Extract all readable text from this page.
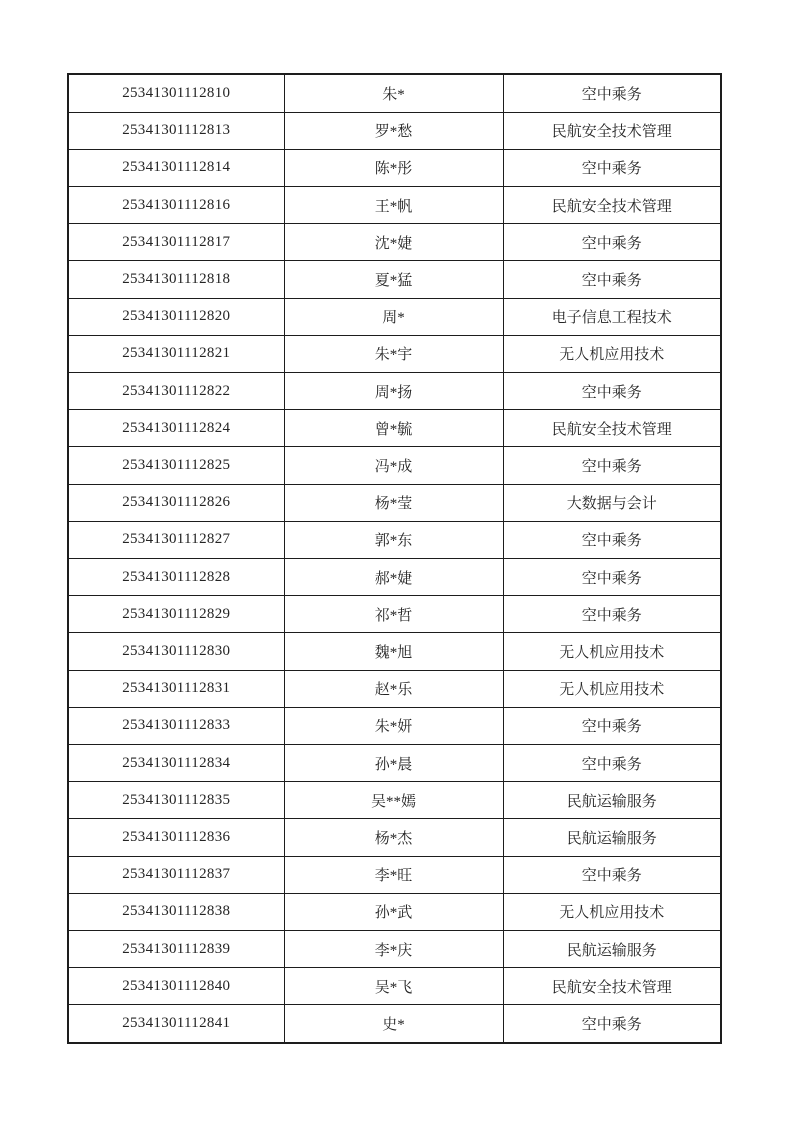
25341301112810	朱*	空中乘务
25341301112813	罗*愁	民航安全技术管理
25341301112814	陈*彤	空中乘务
25341301112816	王*帆	民航安全技术管理
25341301112817	沈*婕	空中乘务
25341301112818	夏*猛	空中乘务
25341301112820	周*	电子信息工程技术
25341301112821	朱*宇	无人机应用技术
25341301112822	周*扬	空中乘务
25341301112824	曾*毓	民航安全技术管理
25341301112825	冯*成	空中乘务
25341301112826	杨*莹	大数据与会计
25341301112827	郭*东	空中乘务
25341301112828	郝*婕	空中乘务
25341301112829	祁*哲	空中乘务
25341301112830	魏*旭	无人机应用技术
25341301112831	赵*乐	无人机应用技术
25341301112833	朱*妍	空中乘务
25341301112834	孙*晨	空中乘务
25341301112835	吴**嫣	民航运输服务
25341301112836	杨*杰	民航运输服务
25341301112837	李*旺	空中乘务
25341301112838	孙*武	无人机应用技术
25341301112839	李*庆	民航运输服务
25341301112840	吴*飞	民航安全技术管理
25341301112841	史*	空中乘务
